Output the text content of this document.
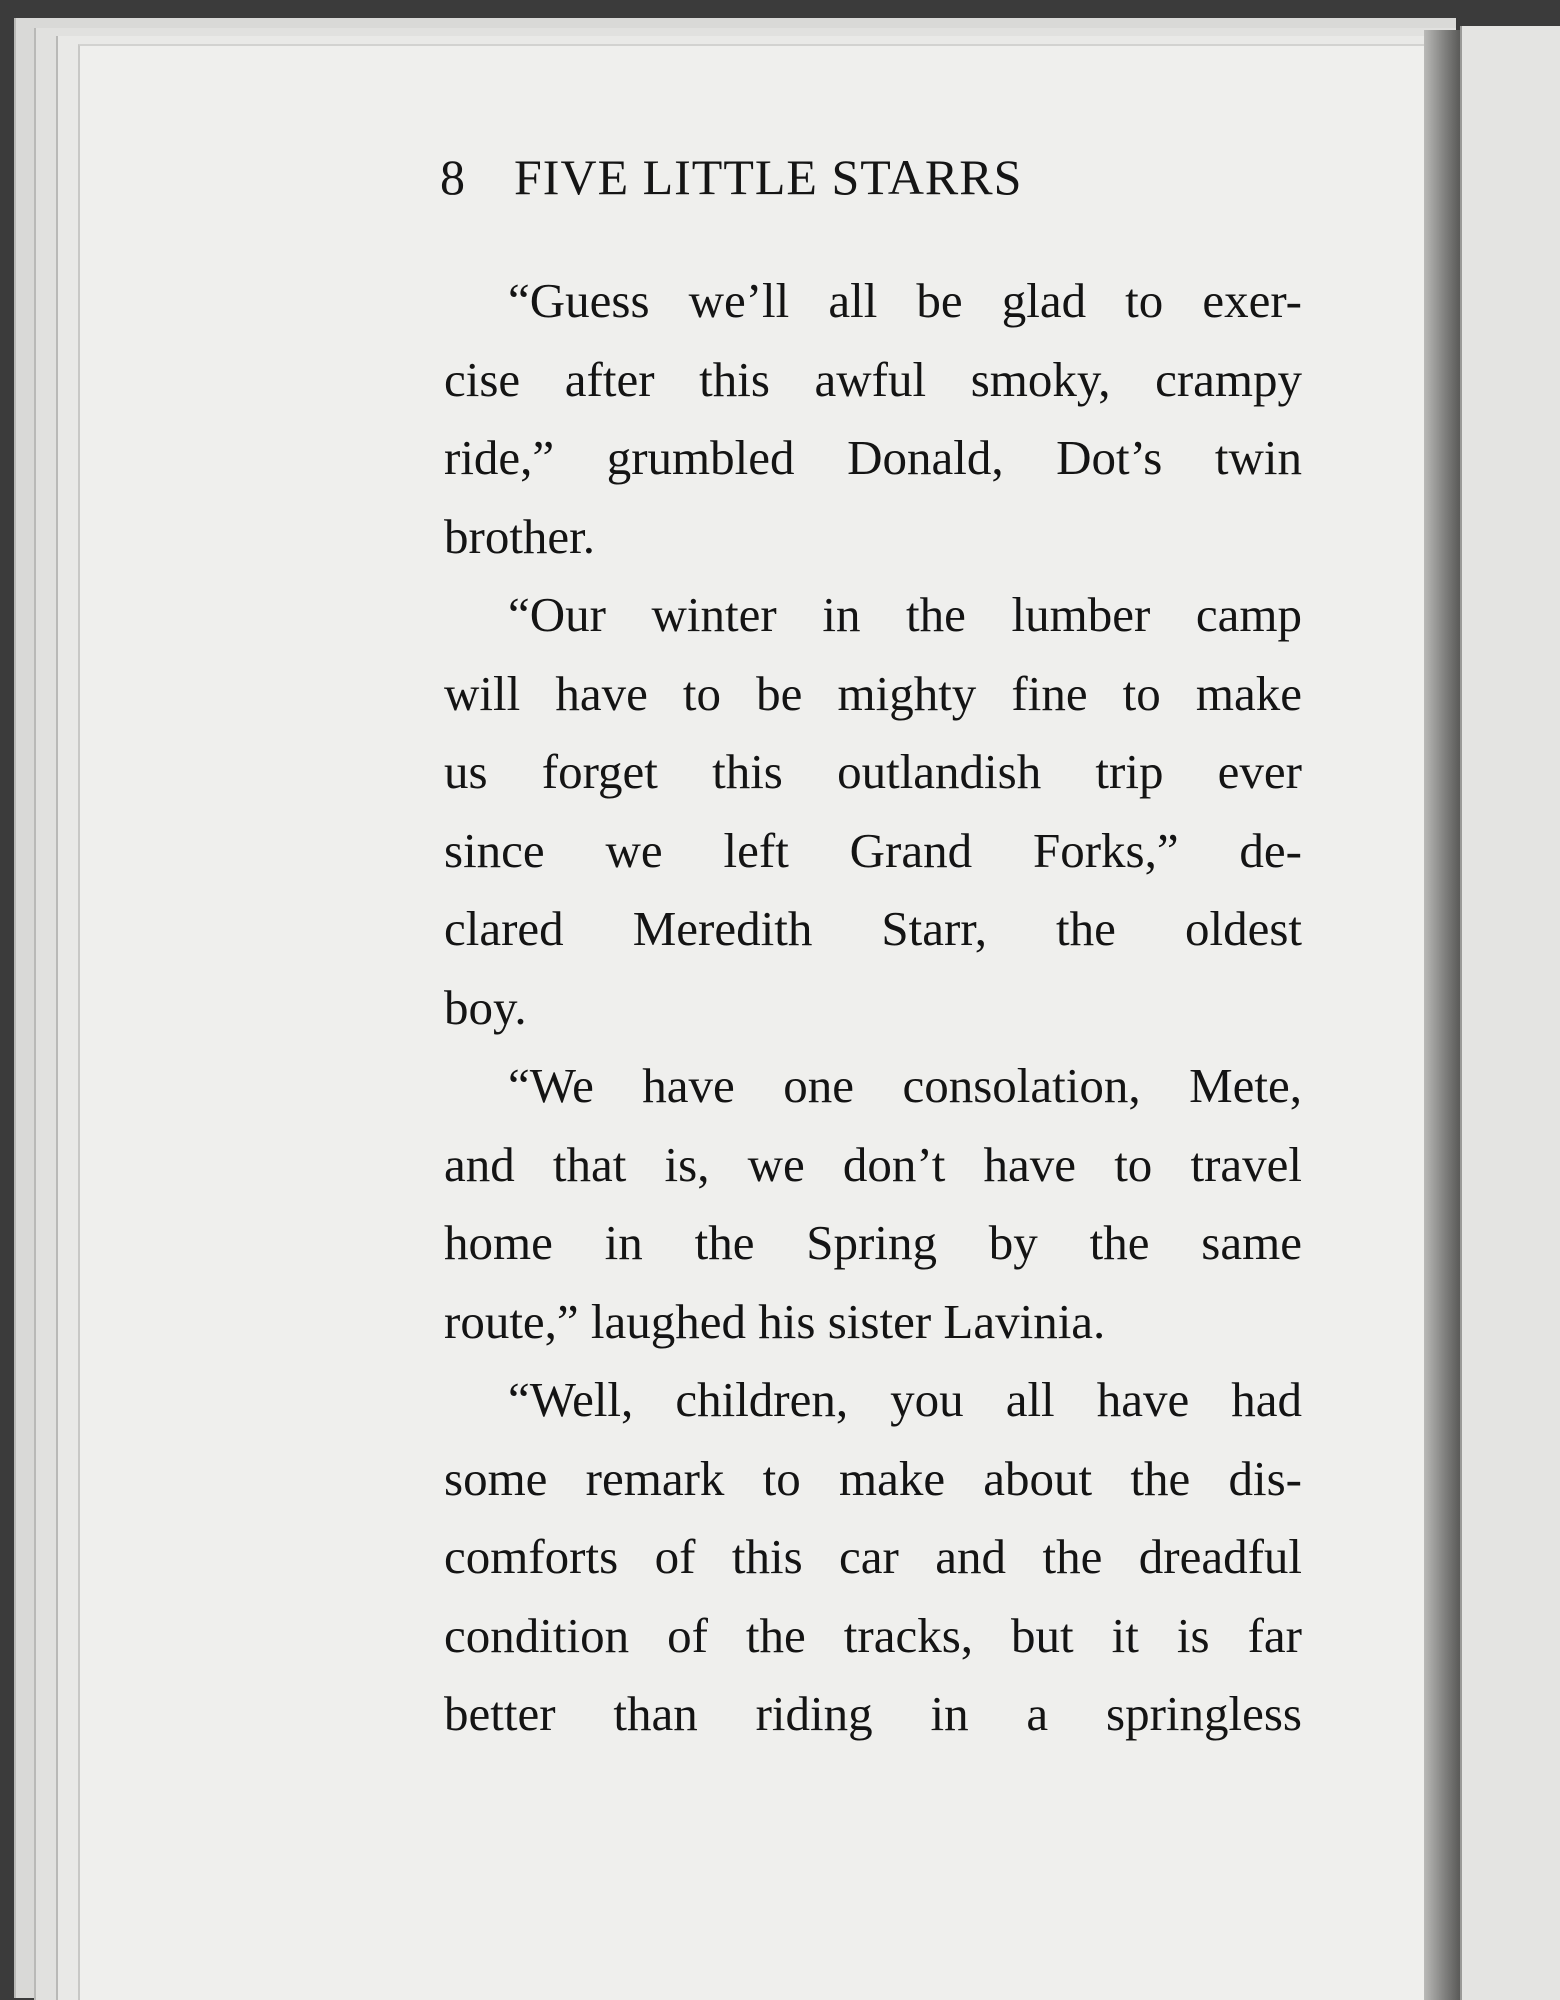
8 FIVE LITTLE STARRS
“Guess we’ll all be glad to exer-
cise after this awful smoky, crampy
ride,” grumbled Donald, Dot’s twin
brother.
“Our winter in the lumber camp
will have to be mighty fine to make
us forget this outlandish trip ever
since we left Grand Forks,” de-
clared Meredith Starr, the oldest
boy.
“We have one consolation, Mete,
and that is, we don’t have to travel
home in the Spring by the same
route,” laughed his sister Lavinia.
“Well, children, you all have had
some remark to make about the dis-
comforts of this car and the dreadful
condition of the tracks, but it is far
better than riding in a springless
